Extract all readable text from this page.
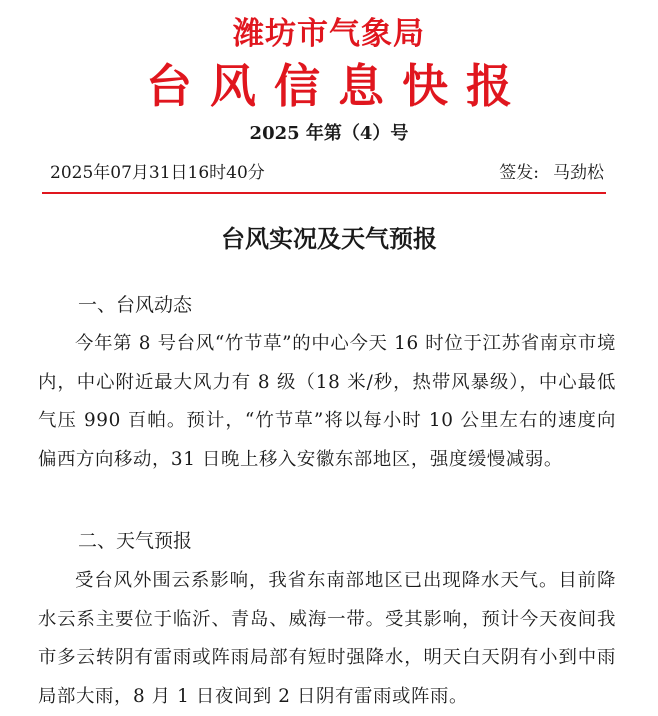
潍坊市气象局
台风信息快报
2025 年第（4）号
2025年07月31日16时40分	签发: 马劲松
台风实况及天气预报
一、台风动态

今年第 8 号台风“竹节草”的中心今天 16 时位于江苏省南京市境内，中心附近最大风力有 8 级（18 米/秒，热带风暴级），中心最低气压 990 百帕。预计，“竹节草”将以每小时 10 公里左右的速度向偏西方向移动，31 日晚上移入安徽东部地区，强度缓慢减弱。

二、天气预报

受台风外围云系影响，我省东南部地区已出现降水天气。目前降水云系主要位于临沂、青岛、威海一带。受其影响，预计今天夜间我市多云转阴有雷雨或阵雨局部有短时强降水，明天白天阴有小到中雨局部大雨，8 月 1 日夜间到 2 日阴有雷雨或阵雨。
